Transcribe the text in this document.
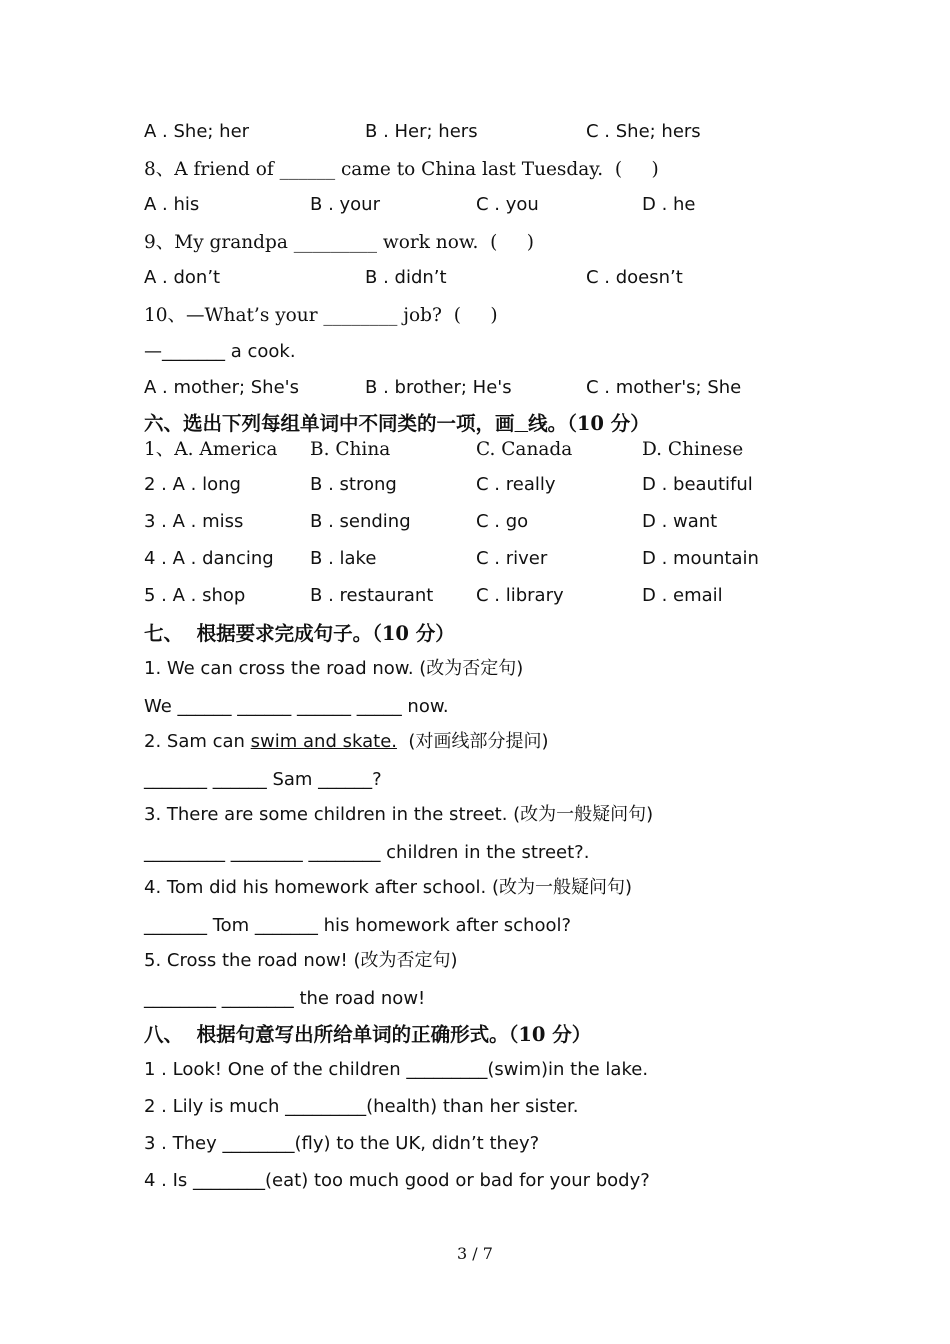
A . She; her	B . Her; hers	C . She; hers
8、A friend of ______ came to China last Tuesday.  (     )
A . his	B . your	C . you	D . he
9、My grandpa _________ work now.  (     )
A . don’t	B . didn’t	C . doesn’t
10、—What’s your ________ job?  (     )
—_______ a cook.
A . mother; She's	B . brother; He's	C . mother's; She
六、选出下列每组单词中不同类的一项，画 线。（10 分）
1、A. America B. China	C. Canada	D. Chinese
2 . A . long	B . strong	C . really	D . beautiful
3 . A . miss	B . sending	C . go	D . want
4 . A . dancing B . lake	C . river	D . mountain
5 . A . shop	B . restaurant C . library	D . email
七、  根据要求完成句子。（10 分）
1. We can cross the road now. (改为否定句)
We ______ ______ ______ _____ now.
2. Sam can swim and skate.  (对画线部分提问)
_______ ______ Sam ______?
3. There are some children in the street. (改为一般疑问句)
_________ ________ ________ children in the street?.
4. Tom did his homework after school. (改为一般疑问句)
_______ Tom _______ his homework after school?
5. Cross the road now! (改为否定句)
________ ________ the road now!
八、  根据句意写出所给单词的正确形式。（10 分）
1 . Look! One of the children _________(swim)in the lake.
2 . Lily is much _________(health) than her sister.
3 . They ________(fly) to the UK, didn’t they?
4 . Is ________(eat) too much good or bad for your body?
3 / 7
